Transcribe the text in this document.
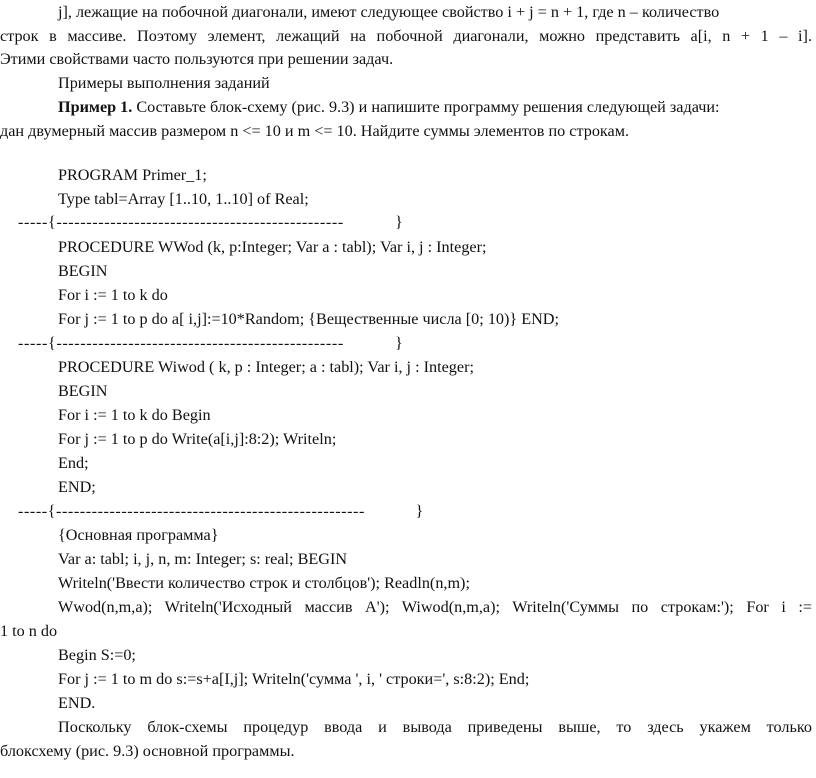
j], лежащие на побочной диагонали, имеют следующее свойство i + j = n + 1, где n – количество
строк в массиве. Поэтому элемент, лежащий на побочной диагонали, можно представить a[i, n + 1 – i].
Этими свойствами часто пользуются при решении задач.
Примеры выполнения заданий
Пример 1. Составьте блок-схему (рис. 9.3) и напишите программу решения следующей задачи:
дан двумерный массив размером n <= 10 и m <= 10. Найдите суммы элементов по строкам.
PROGRAM Primer_1;
Type tabl=Array [1..10, 1..10] of Real;
-----{------------------------------------------------           }
PROCEDURE WWod (k, p:Integer; Var a : tabl); Var i, j : Integer;
BEGIN
For i := 1 to k do
For j := 1 to p do a[ i,j]:=10*Random; {Вещественные числа [0; 10)} END;
-----{------------------------------------------------           }
PROCEDURE Wiwod ( k, p : Integer; a : tabl); Var i, j : Integer;
BEGIN
For i := 1 to k do Begin
For j := 1 to p do Write(a[i,j]:8:2); Writeln;
End;
END;
-----{----------------------------------------------------           }
{Основная программа}
Var a: tabl; i, j, n, m: Integer; s: real; BEGIN
Writeln('Ввести количество строк и столбцов'); Readln(n,m);
Wwod(n,m,a); Writeln('Исходный массив А'); Wiwod(n,m,a); Writeln('Суммы по строкам:'); For i :=
1 to n do
Begin S:=0;
For j := 1 to m do s:=s+a[I,j]; Writeln('сумма ', i, ' строки=', s:8:2); End;
END.
Поскольку блок-схемы процедур ввода и вывода приведены выше, то здесь укажем только
блоксхему (рис. 9.3) основной программы.
